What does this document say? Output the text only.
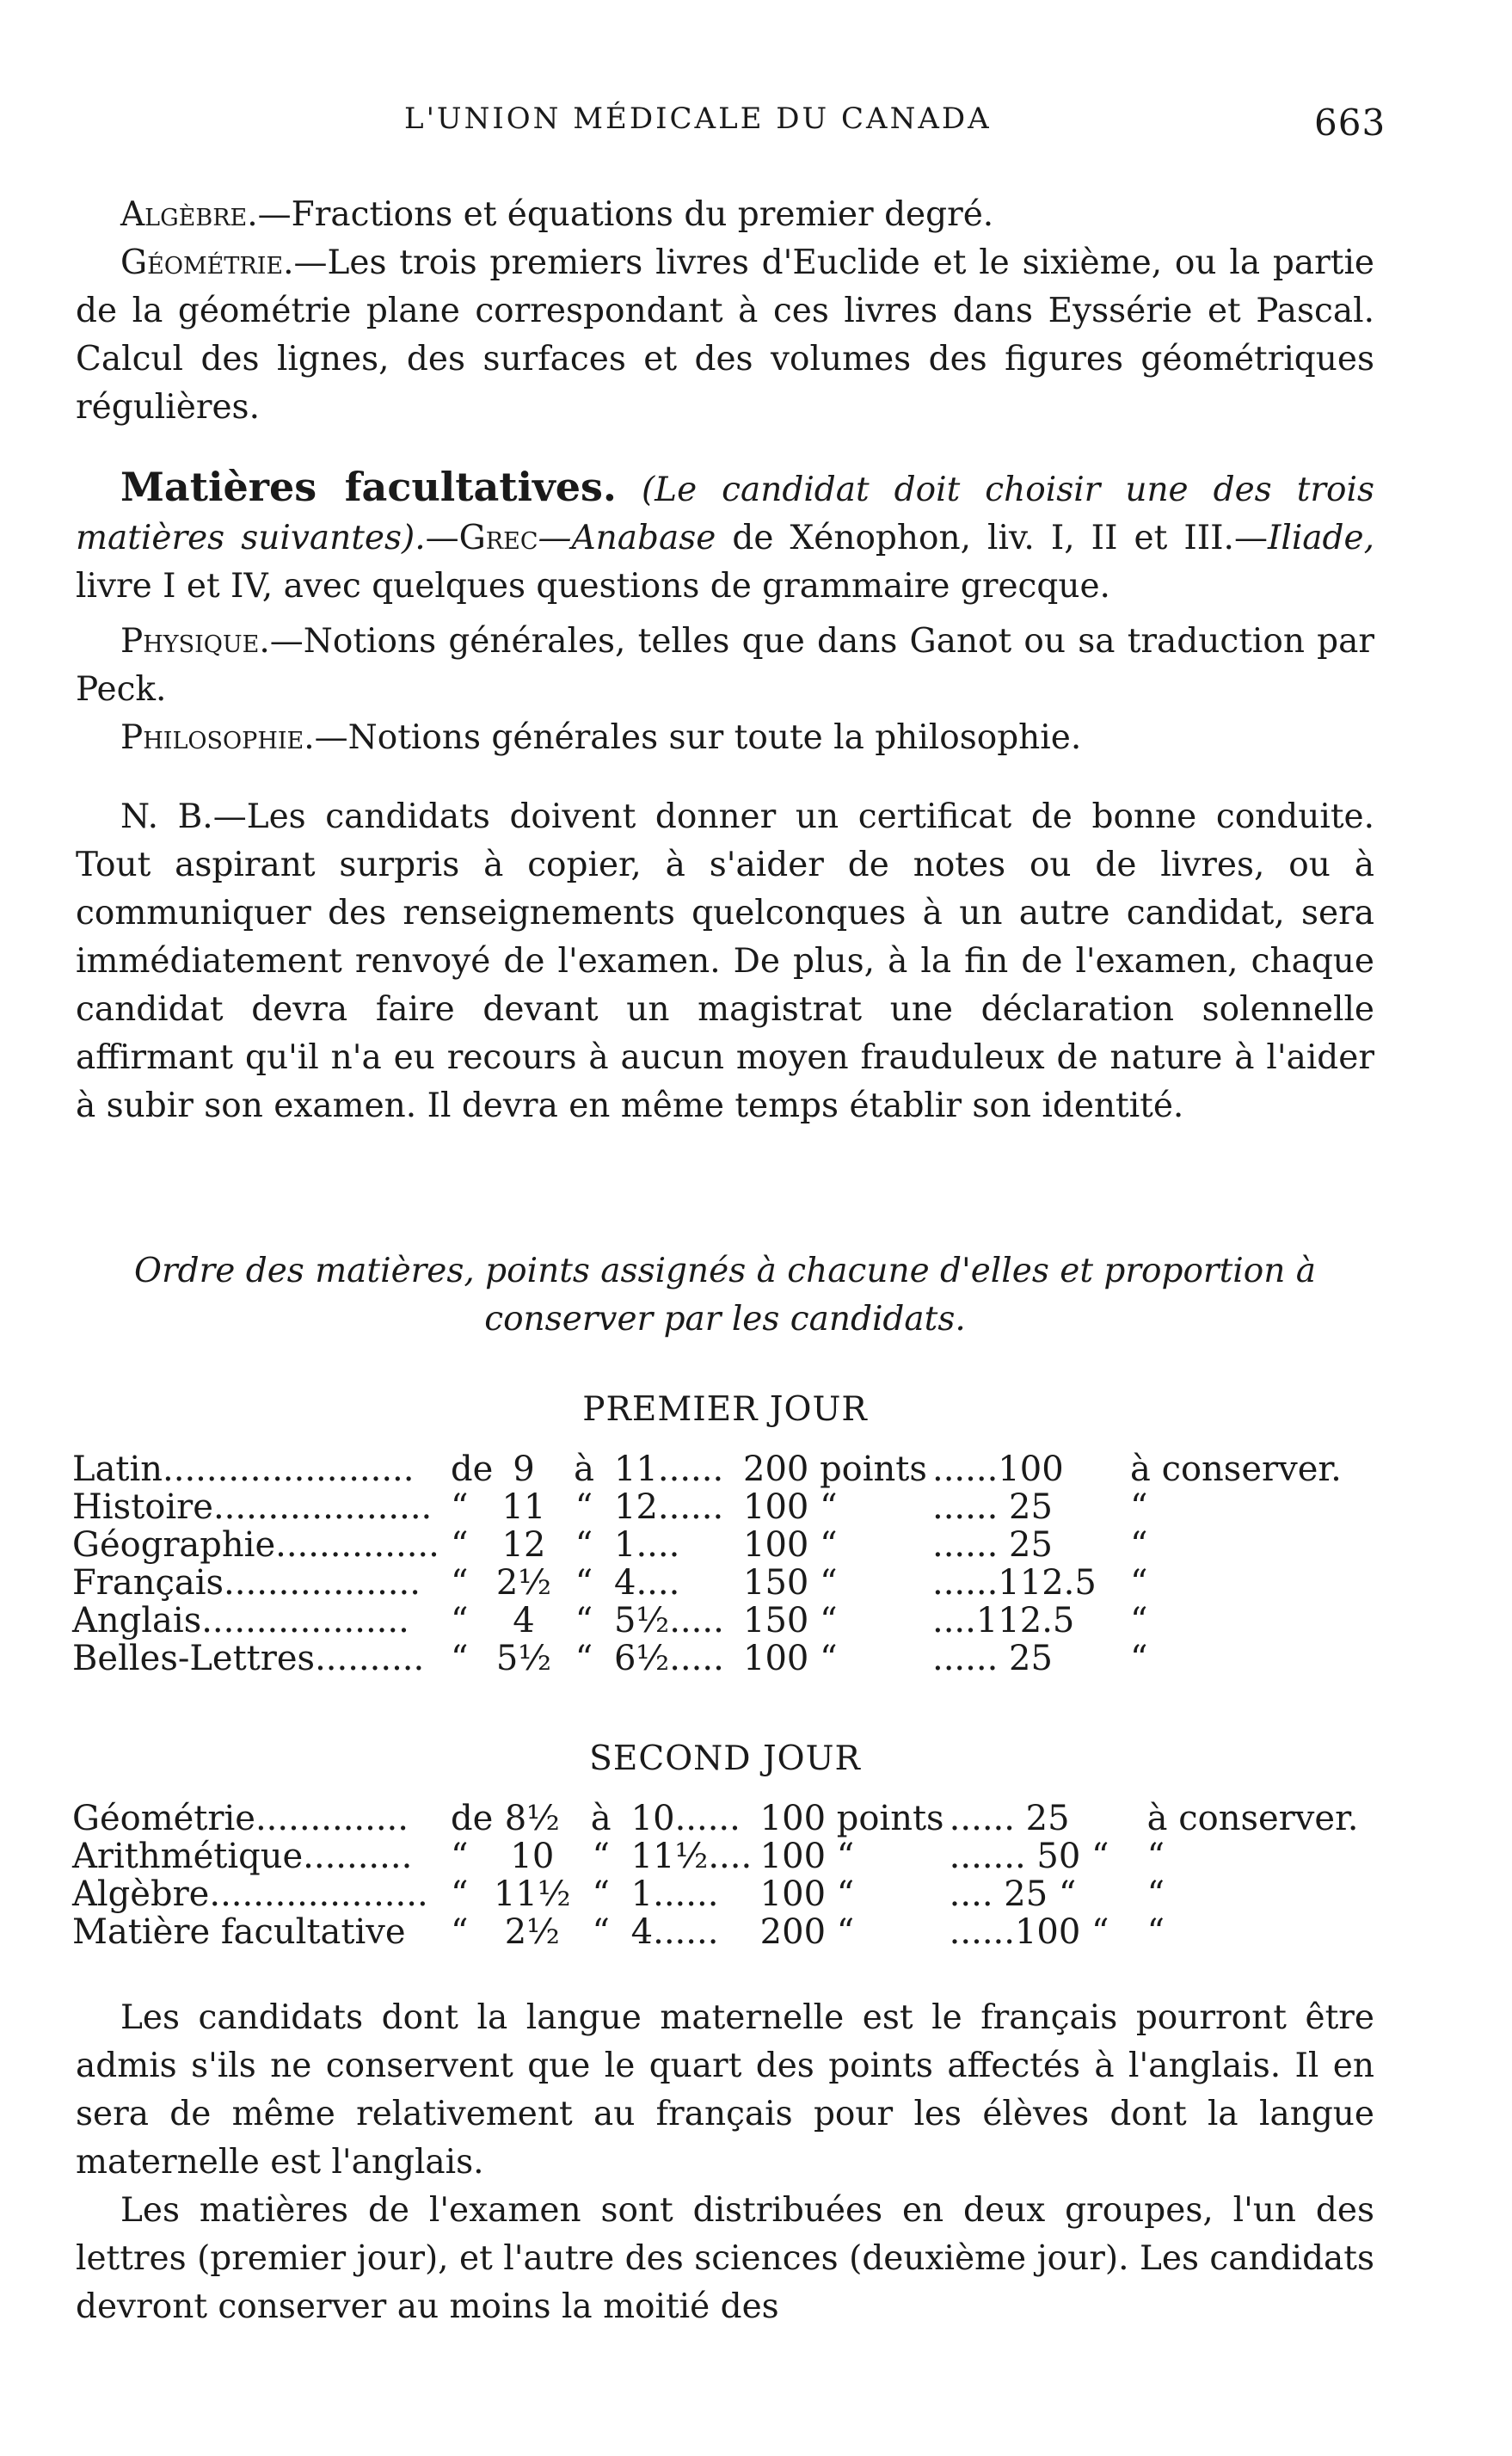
L'UNION MÉDICALE DU CANADA	663

Algèbre.—Fractions et équations du premier degré.

Géométrie.—Les trois premiers livres d'Euclide et le sixième, ou la partie de la géométrie plane correspondant à ces livres dans Eyssérie et Pascal. Calcul des lignes, des surfaces et des volumes des figures géométriques régulières.

Matières facultatives. (Le candidat doit choisir une des trois matières suivantes).—Grec—Anabase de Xénophon, liv. I, II et III.—Iliade, livre I et IV, avec quelques questions de grammaire grecque.

Physique.—Notions générales, telles que dans Ganot ou sa traduction par Peck.

Philosophie.—Notions générales sur toute la philosophie.

N. B.—Les candidats doivent donner un certificat de bonne conduite. Tout aspirant surpris à copier, à s'aider de notes ou de livres, ou à communiquer des renseignements quelconques à un autre candidat, sera immédiatement renvoyé de l'examen. De plus, à la fin de l'examen, chaque candidat devra faire devant un magistrat une déclaration solennelle affirmant qu'il n'a eu recours à aucun moyen frauduleux de nature à l'aider à subir son examen. Il devra en même temps établir son identité.

Ordre des matières, points assignés à chacune d'elles et proportion à
conserver par les candidats.
PREMIER JOUR
Latin.......................	de	9	à	11......	200 points	......100	à conserver.
Histoire....................	“	11	“	12......	100 “	...... 25	“
Géographie...............	“	12	“	1....	100 “	...... 25	“
Français..................	“	2½	“	4....	150 “	......112.5	“
Anglais...................	“	4	“	5½.....	150 “	....112.5	“
Belles-Lettres..........	“	5½	“	6½.....	100 “	...... 25	“
SECOND JOUR
Géométrie..............	de	8½	à	10......	100 points	...... 25	à conserver.
Arithmétique..........	“	10	“	11½....	100 “	....... 50 “	“
Algèbre....................	“	11½	“	1......	100 “	.... 25 “	“
Matière facultative	“	2½	“	4......	200 “	......100 “	“

Les candidats dont la langue maternelle est le français pourront être admis s'ils ne conservent que le quart des points affectés à l'anglais. Il en sera de même relativement au français pour les élèves dont la langue maternelle est l'anglais.

Les matières de l'examen sont distribuées en deux groupes, l'un des lettres (premier jour), et l'autre des sciences (deuxième jour). Les candidats devront conserver au moins la moitié des
